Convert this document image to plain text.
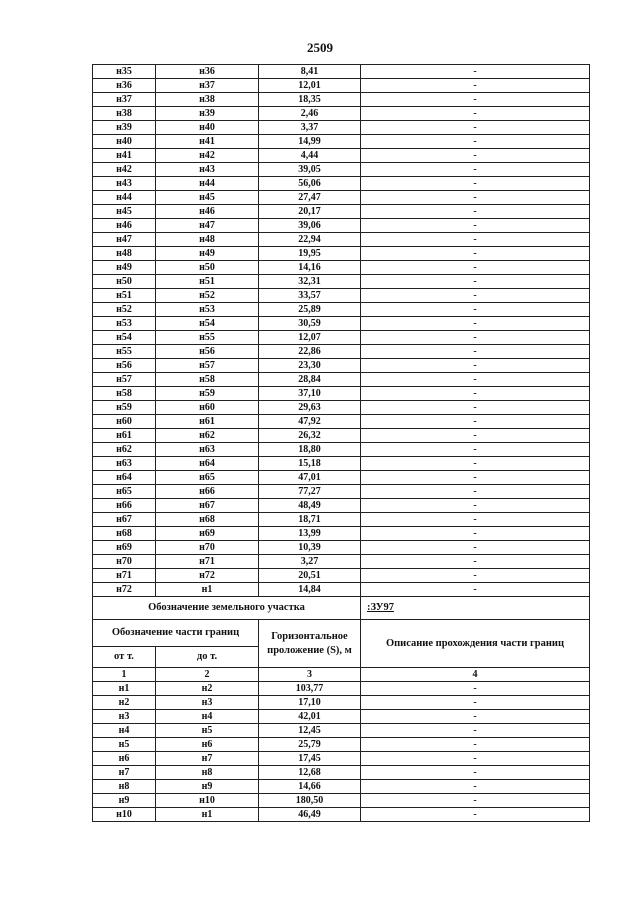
2509
н35	н36	8,41	-
н36	н37	12,01	-
н37	н38	18,35	-
н38	н39	2,46	-
н39	н40	3,37	-
н40	н41	14,99	-
н41	н42	4,44	-
н42	н43	39,05	-
н43	н44	56,06	-
н44	н45	27,47	-
н45	н46	20,17	-
н46	н47	39,06	-
н47	н48	22,94	-
н48	н49	19,95	-
н49	н50	14,16	-
н50	н51	32,31	-
н51	н52	33,57	-
н52	н53	25,89	-
н53	н54	30,59	-
н54	н55	12,07	-
н55	н56	22,86	-
н56	н57	23,30	-
н57	н58	28,84	-
н58	н59	37,10	-
н59	н60	29,63	-
н60	н61	47,92	-
н61	н62	26,32	-
н62	н63	18,80	-
н63	н64	15,18	-
н64	н65	47,01	-
н65	н66	77,27	-
н66	н67	48,49	-
н67	н68	18,71	-
н68	н69	13,99	-
н69	н70	10,39	-
н70	н71	3,27	-
н71	н72	20,51	-
н72	н1	14,84	-
Обозначение земельного участка			:ЗУ97
Обозначение части границ		Горизонтальное проложение (S), м	Описание прохождения части границ
от т.	до т.		
1	2	3	4
н1	н2	103,77	-
н2	н3	17,10	-
н3	н4	42,01	-
н4	н5	12,45	-
н5	н6	25,79	-
н6	н7	17,45	-
н7	н8	12,68	-
н8	н9	14,66	-
н9	н10	180,50	-
н10	н1	46,49	-
